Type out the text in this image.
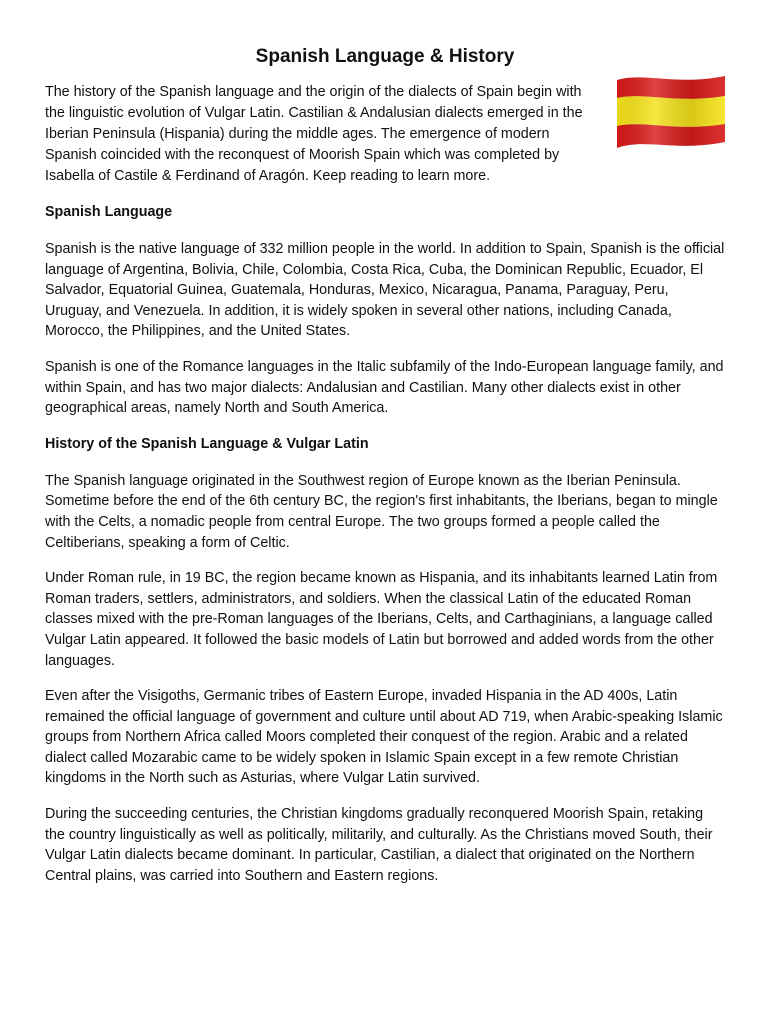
Spanish Language & History

The history of the Spanish language and the origin of the dialects of Spain begin with the linguistic evolution of Vulgar Latin. Castilian & Andalusian dialects emerged in the Iberian Peninsula (Hispania) during the middle ages. The emergence of modern Spanish coincided with the reconquest of Moorish Spain which was completed by Isabella of Castile & Ferdinand of Aragón. Keep reading to learn more.

Spanish Language

Spanish is the native language of 332 million people in the world. In addition to Spain, Spanish is the official language of Argentina, Bolivia, Chile, Colombia, Costa Rica, Cuba, the Dominican Republic, Ecuador, El Salvador, Equatorial Guinea, Guatemala, Honduras, Mexico, Nicaragua, Panama, Paraguay, Peru, Uruguay, and Venezuela. In addition, it is widely spoken in several other nations, including Canada, Morocco, the Philippines, and the United States.

Spanish is one of the Romance languages in the Italic subfamily of the Indo-European language family, and within Spain, and has two major dialects: Andalusian and Castilian. Many other dialects exist in other geographical areas, namely North and South America.

History of the Spanish Language & Vulgar Latin

The Spanish language originated in the Southwest region of Europe known as the Iberian Peninsula. Sometime before the end of the 6th century BC, the region's first inhabitants, the Iberians, began to mingle with the Celts, a nomadic people from central Europe. The two groups formed a people called the Celtiberians, speaking a form of Celtic.

Under Roman rule, in 19 BC, the region became known as Hispania, and its inhabitants learned Latin from Roman traders, settlers, administrators, and soldiers. When the classical Latin of the educated Roman classes mixed with the pre-Roman languages of the Iberians, Celts, and Carthaginians, a language called Vulgar Latin appeared. It followed the basic models of Latin but borrowed and added words from the other languages.

Even after the Visigoths, Germanic tribes of Eastern Europe, invaded Hispania in the AD 400s, Latin remained the official language of government and culture until about AD 719, when Arabic-speaking Islamic groups from Northern Africa called Moors completed their conquest of the region. Arabic and a related dialect called Mozarabic came to be widely spoken in Islamic Spain except in a few remote Christian kingdoms in the North such as Asturias, where Vulgar Latin survived.

During the succeeding centuries, the Christian kingdoms gradually reconquered Moorish Spain, retaking the country linguistically as well as politically, militarily, and culturally. As the Christians moved South, their Vulgar Latin dialects became dominant. In particular, Castilian, a dialect that originated on the Northern Central plains, was carried into Southern and Eastern regions.
